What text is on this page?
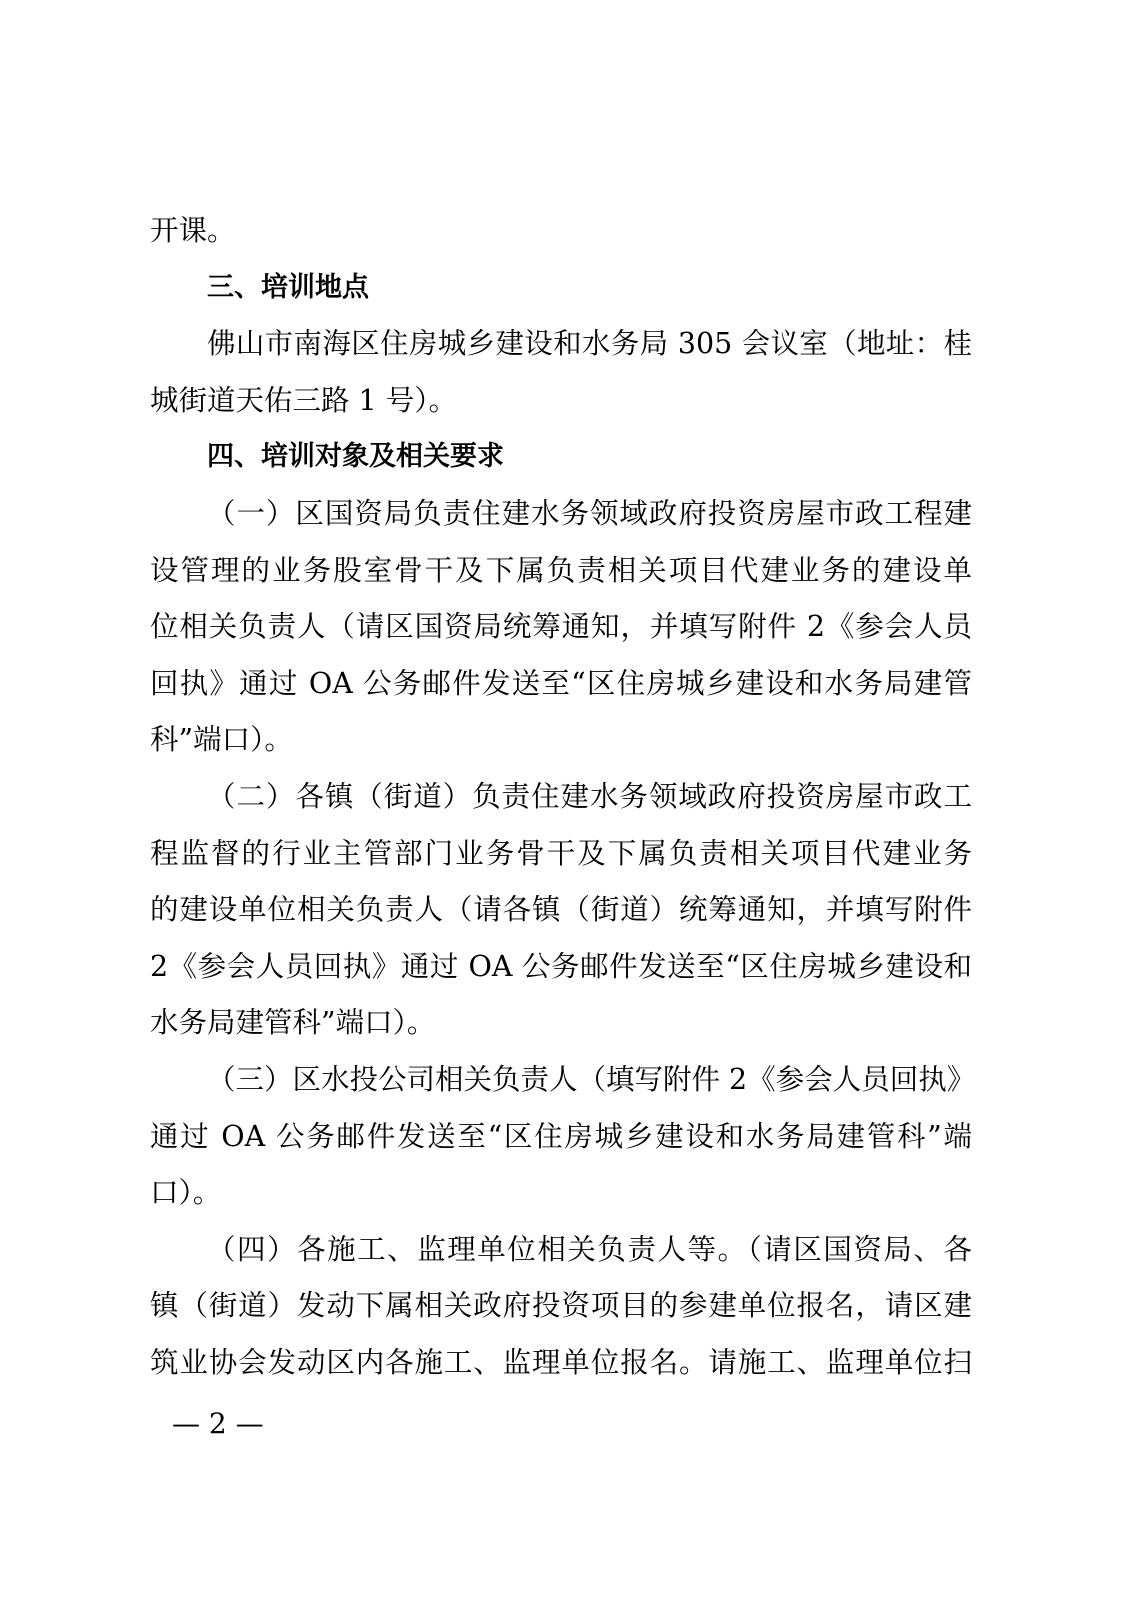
开课。
三、培训地点
佛山市南海区住房城乡建设和水务局 305 会议室（地址：桂
城街道天佑三路 1 号）。
四、培训对象及相关要求
（一）区国资局负责住建水务领域政府投资房屋市政工程建
设管理的业务股室骨干及下属负责相关项目代建业务的建设单
位相关负责人（请区国资局统筹通知，并填写附件 2《参会人员
回执》通过 OA 公务邮件发送至“区住房城乡建设和水务局建管
科”端口）。
（二）各镇（街道）负责住建水务领域政府投资房屋市政工
程监督的行业主管部门业务骨干及下属负责相关项目代建业务
的建设单位相关负责人（请各镇（街道）统筹通知，并填写附件
2《参会人员回执》通过 OA 公务邮件发送至“区住房城乡建设和
水务局建管科”端口）。
（三）区水投公司相关负责人（填写附件 2《参会人员回执》
通过 OA 公务邮件发送至“区住房城乡建设和水务局建管科”端
口）。
（四）各施工、监理单位相关负责人等。（请区国资局、各
镇（街道）发动下属相关政府投资项目的参建单位报名，请区建
筑业协会发动区内各施工、监理单位报名。请施工、监理单位扫
— 2 —
